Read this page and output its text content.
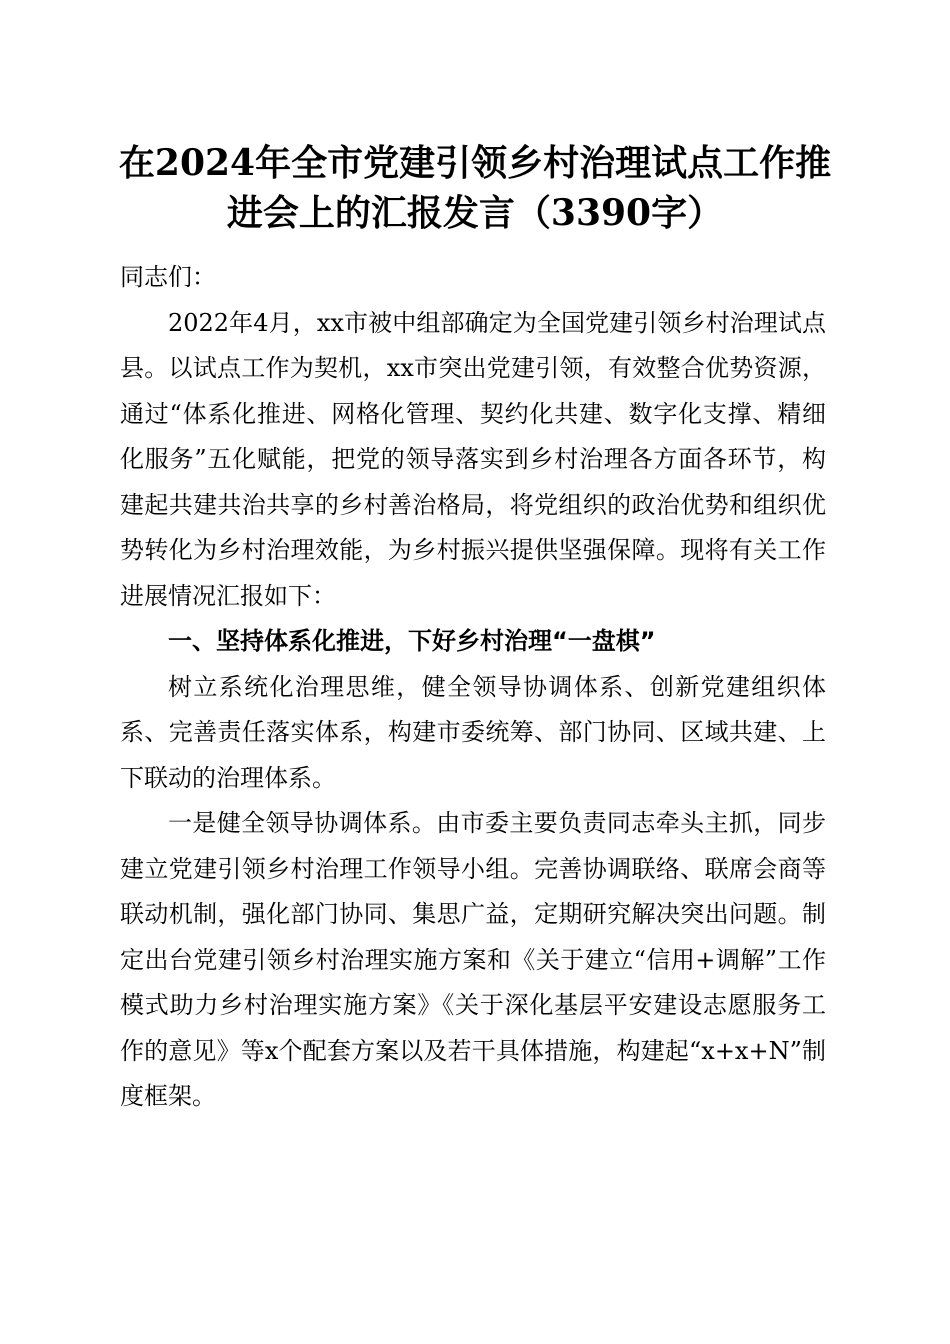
在2024年全市党建引领乡村治理试点工作推
进会上的汇报发言（3390字）

同志们：

2022年4月，xx市被中组部确定为全国党建引领乡村治理试点县。以试点工作为契机，xx市突出党建引领，有效整合优势资源，通过“体系化推进、网格化管理、契约化共建、数字化支撑、精细化服务”五化赋能，把党的领导落实到乡村治理各方面各环节，构建起共建共治共享的乡村善治格局，将党组织的政治优势和组织优势转化为乡村治理效能，为乡村振兴提供坚强保障。现将有关工作进展情况汇报如下：

一、坚持体系化推进，下好乡村治理“一盘棋”

树立系统化治理思维，健全领导协调体系、创新党建组织体系、完善责任落实体系，构建市委统筹、部门协同、区域共建、上下联动的治理体系。

一是健全领导协调体系。由市委主要负责同志牵头主抓，同步建立党建引领乡村治理工作领导小组。完善协调联络、联席会商等联动机制，强化部门协同、集思广益，定期研究解决突出问题。制定出台党建引领乡村治理实施方案和《关于建立“信用+调解”工作模式助力乡村治理实施方案》《关于深化基层平安建设志愿服务工作的意见》等x个配套方案以及若干具体措施，构建起“x+x+N”制度框架。
